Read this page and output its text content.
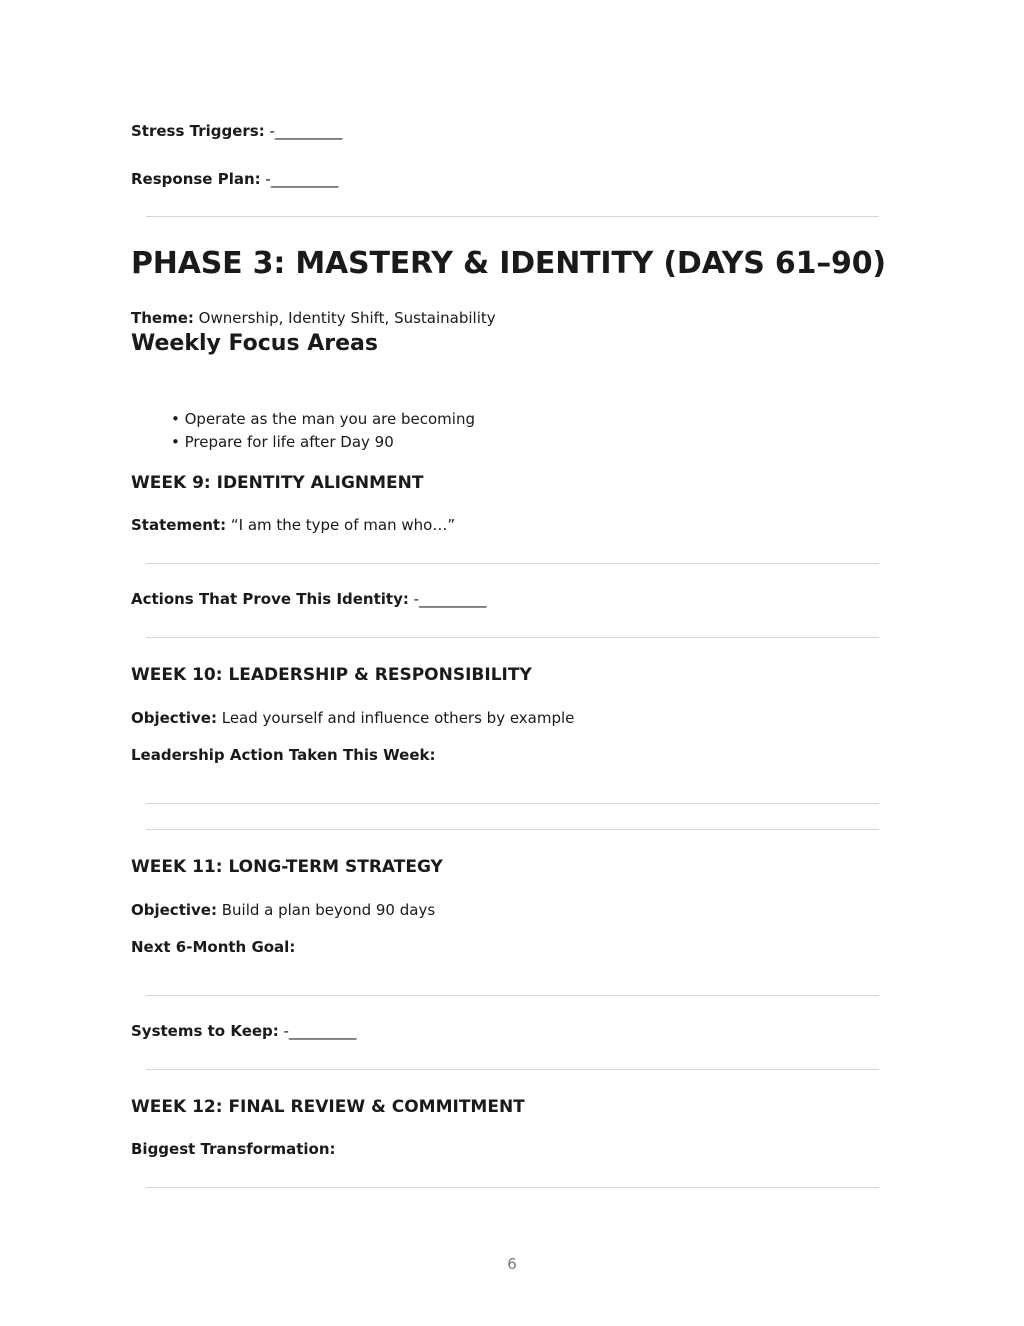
Stress Triggers: -_________
Response Plan: -_________
PHASE 3: MASTERY & IDENTITY (DAYS 61–90)
Theme: Ownership, Identity Shift, Sustainability
Weekly Focus Areas
• Operate as the man you are becoming
• Prepare for life after Day 90
WEEK 9: IDENTITY ALIGNMENT
Statement: “I am the type of man who…”
Actions That Prove This Identity: -_________
WEEK 10: LEADERSHIP & RESPONSIBILITY
Objective: Lead yourself and influence others by example
Leadership Action Taken This Week:
WEEK 11: LONG-TERM STRATEGY
Objective: Build a plan beyond 90 days
Next 6-Month Goal:
Systems to Keep: -_________
WEEK 12: FINAL REVIEW & COMMITMENT
Biggest Transformation:
6
